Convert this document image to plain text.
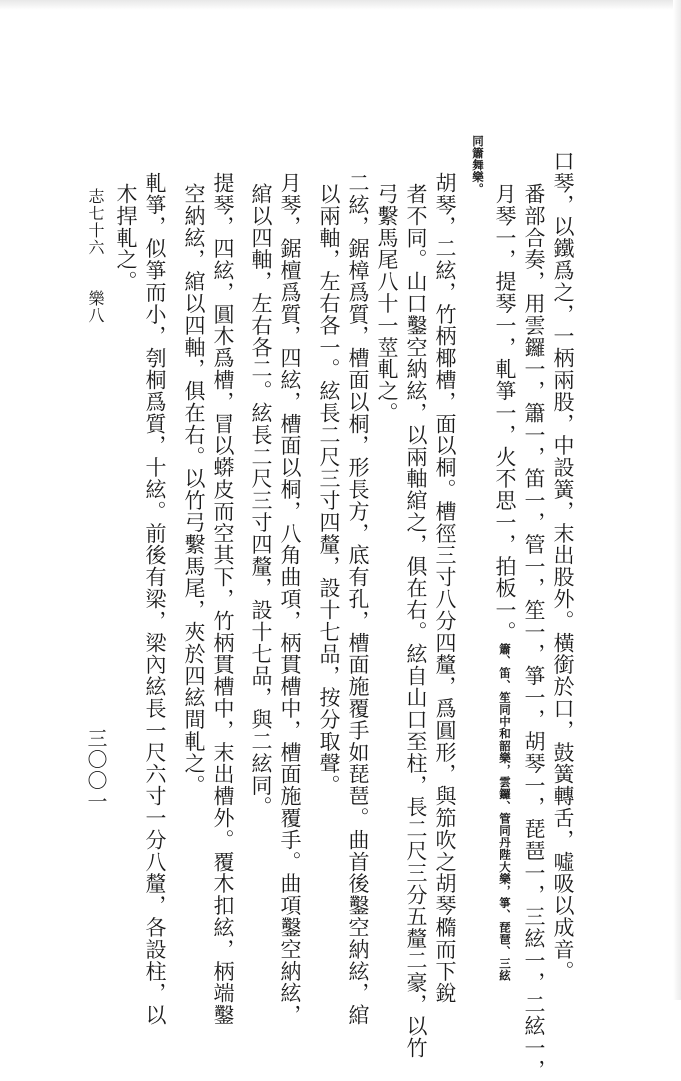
口琴，以鐵爲之，一柄兩股，中設簧，末出股外。橫銜於口，鼓簧轉舌，噓吸以成音。
番部合奏，用雲鑼一，簫一，笛一，管一，笙一，箏一，胡琴一，琵琶一，三絃一，二絃一，
月琴一，提琴一，軋箏一，火不思一，拍板一。簫、笛、笙同中和韶樂，雲鑼、管同丹陛大樂，箏、琵琶、三絃
同簫舞樂。
　胡琴，二絃，竹柄椰槽，面以桐。槽徑三寸八分四釐，爲圓形，與笳吹之胡琴橢而下銳
者不同。山口鑿空納絃，以兩軸綰之，俱在右。絃自山口至柱，長二尺三分五釐二豪，以竹
弓繫馬尾八十一莖軋之。
　二絃，鋸樟爲質，槽面以桐，形長方，底有孔，槽面施覆手如琵琶。曲首後鑿空納絃，綰
以兩軸，左右各一。絃長二尺三寸四釐，設十七品，按分取聲。
　月琴，鋸檀爲質，四絃，槽面以桐，八角曲項，柄貫槽中，槽面施覆手。曲項鑿空納絃，
綰以四軸，左右各二。絃長二尺三寸四釐，設十七品，與二絃同。
　提琴，四絃，圓木爲槽，冒以蟒皮而空其下，竹柄貫槽中，末出槽外。覆木扣絃，柄端鑿
空納絃，綰以四軸，俱在右。以竹弓繫馬尾，夾於四絃間軋之。
　軋箏，似箏而小，刳桐爲質，十絃。前後有梁，梁內絃長一尺六寸一分八釐，各設柱，以
木捍軋之。
志七十六
樂八
三〇〇一
